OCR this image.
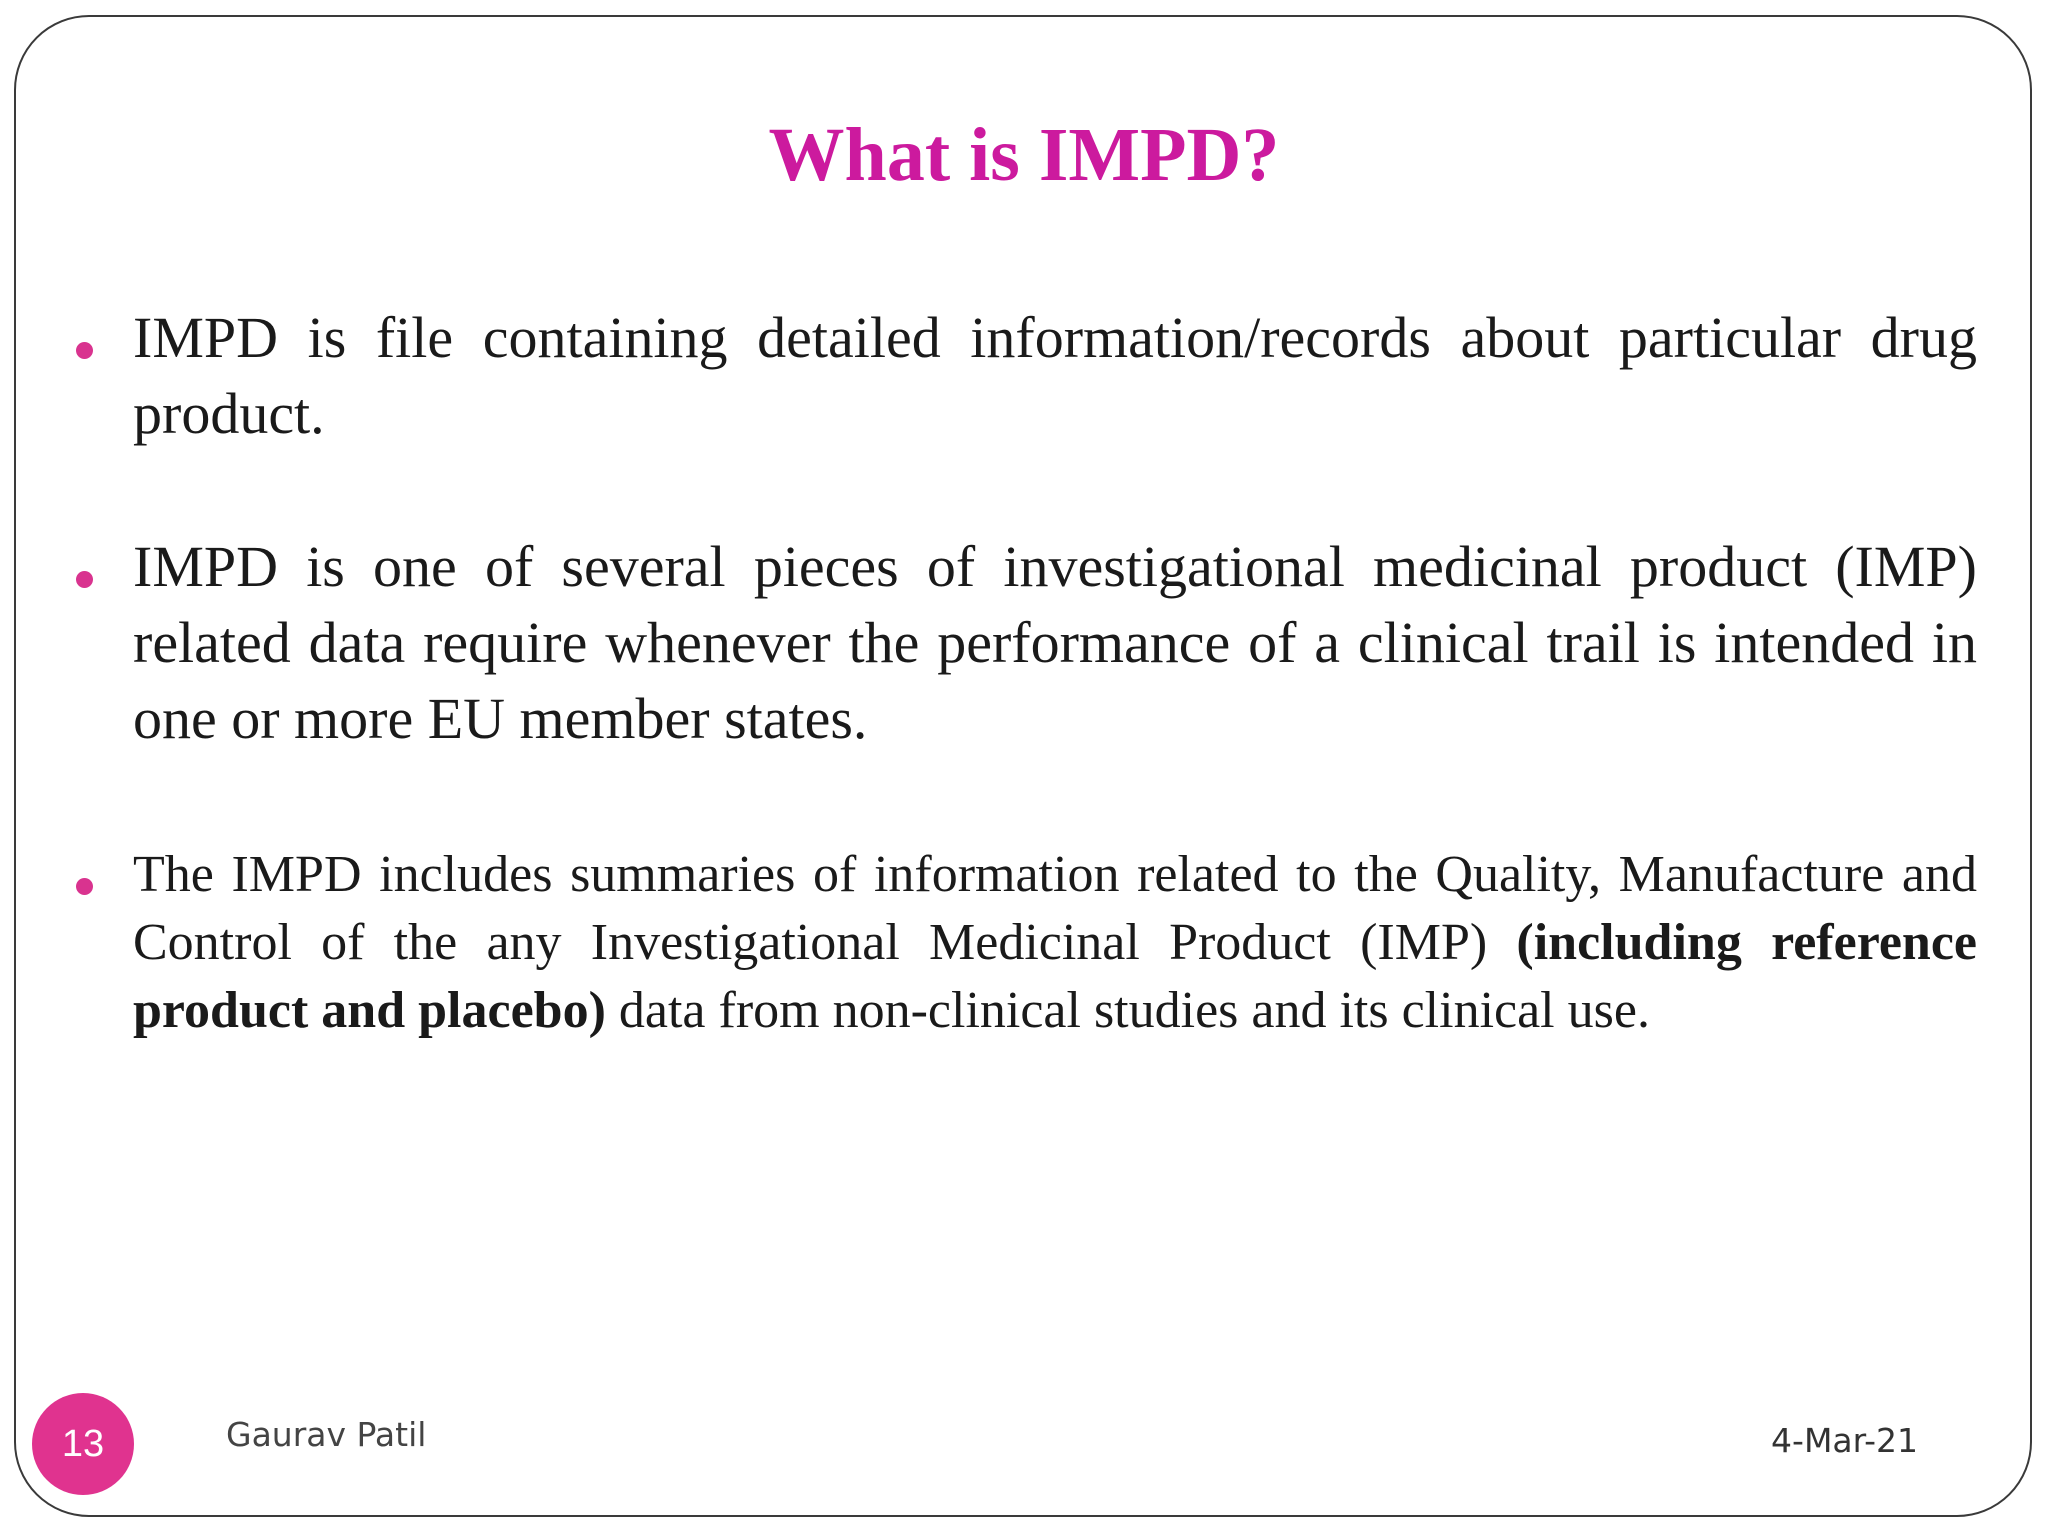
What is IMPD?
IMPD is file containing detailed information/records about particular drug product.
IMPD is one of several pieces of investigational medicinal product (IMP) related data require whenever the performance of a clinical trail is intended in one or more EU member states.
The IMPD includes summaries of information related to the Quality, Manufacture and Control of the any Investigational Medicinal Product (IMP) (including reference product and placebo) data from non-clinical studies and its clinical use.
13	Gaurav Patil	4-Mar-21
